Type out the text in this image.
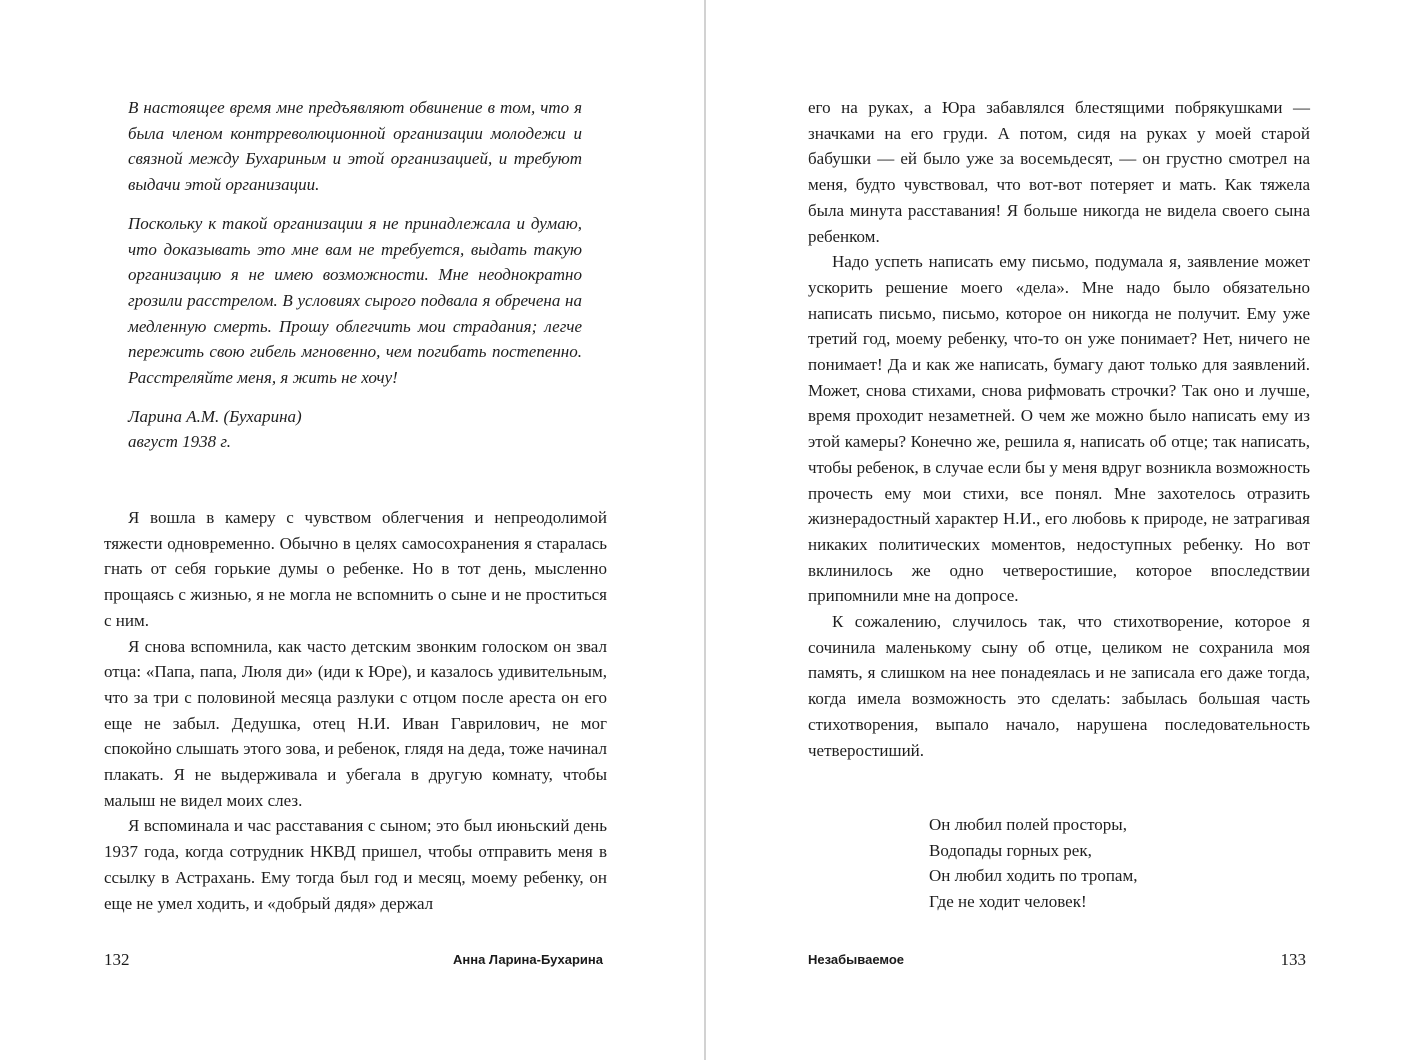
В настоящее время мне предъявляют обвинение в том, что я была членом контрреволюционной организации молодежи и связной между Бухариным и этой организацией, и требуют выдачи этой организации.

Поскольку к такой организации я не принадлежала и думаю, что доказывать это мне вам не требуется, выдать такую организацию я не имею возможности. Мне неоднократно грозили расстрелом. В условиях сырого подвала я обречена на медленную смерть. Прошу облегчить мои страдания; легче пережить свою гибель мгновенно, чем погибать постепенно. Расстреляйте меня, я жить не хочу!

Ларина А.М. (Бухарина)
август 1938 г.

Я вошла в камеру с чувством облегчения и непреодолимой тяжести одновременно. Обычно в целях самосохранения я старалась гнать от себя горькие думы о ребенке. Но в тот день, мысленно прощаясь с жизнью, я не могла не вспомнить о сыне и не проститься с ним.

Я снова вспомнила, как часто детским звонким голоском он звал отца: «Папа, папа, Люля ди» (иди к Юре), и казалось удивительным, что за три с половиной месяца разлуки с отцом после ареста он его еще не забыл. Дедушка, отец Н.И. Иван Гаврилович, не мог спокойно слышать этого зова, и ребенок, глядя на деда, тоже начинал плакать. Я не выдерживала и убегала в другую комнату, чтобы малыш не видел моих слез.

Я вспоминала и час расставания с сыном; это был июньский день 1937 года, когда сотрудник НКВД пришел, чтобы отправить меня в ссылку в Астрахань. Ему тогда был год и месяц, моему ребенку, он еще не умел ходить, и «добрый дядя» держал

132	Анна Ларина-Бухарина

его на руках, а Юра забавлялся блестящими побрякушками — значками на его груди. А потом, сидя на руках у моей старой бабушки — ей было уже за восемьдесят, — он грустно смотрел на меня, будто чувствовал, что вот-вот потеряет и мать. Как тяжела была минута расставания! Я больше никогда не видела своего сына ребенком.

Надо успеть написать ему письмо, подумала я, заявление может ускорить решение моего «дела». Мне надо было обязательно написать письмо, письмо, которое он никогда не получит. Ему уже третий год, моему ребенку, что-то он уже понимает? Нет, ничего не понимает! Да и как же написать, бумагу дают только для заявлений. Может, снова стихами, снова рифмовать строчки? Так оно и лучше, время проходит незаметней. О чем же можно было написать ему из этой камеры? Конечно же, решила я, написать об отце; так написать, чтобы ребенок, в случае если бы у меня вдруг возникла возможность прочесть ему мои стихи, все понял. Мне захотелось отразить жизнерадостный характер Н.И., его любовь к природе, не затрагивая никаких политических моментов, недоступных ребенку. Но вот вклинилось же одно четверостишие, которое впоследствии припомнили мне на допросе.

К сожалению, случилось так, что стихотворение, которое я сочинила маленькому сыну об отце, целиком не сохранила моя память, я слишком на нее понадеялась и не записала его даже тогда, когда имела возможность это сделать: забылась большая часть стихотворения, выпало начало, нарушена последовательность четверостиший.

Он любил полей просторы,
Водопады горных рек,
Он любил ходить по тропам,
Где не ходит человек!
Незабываемое	133
